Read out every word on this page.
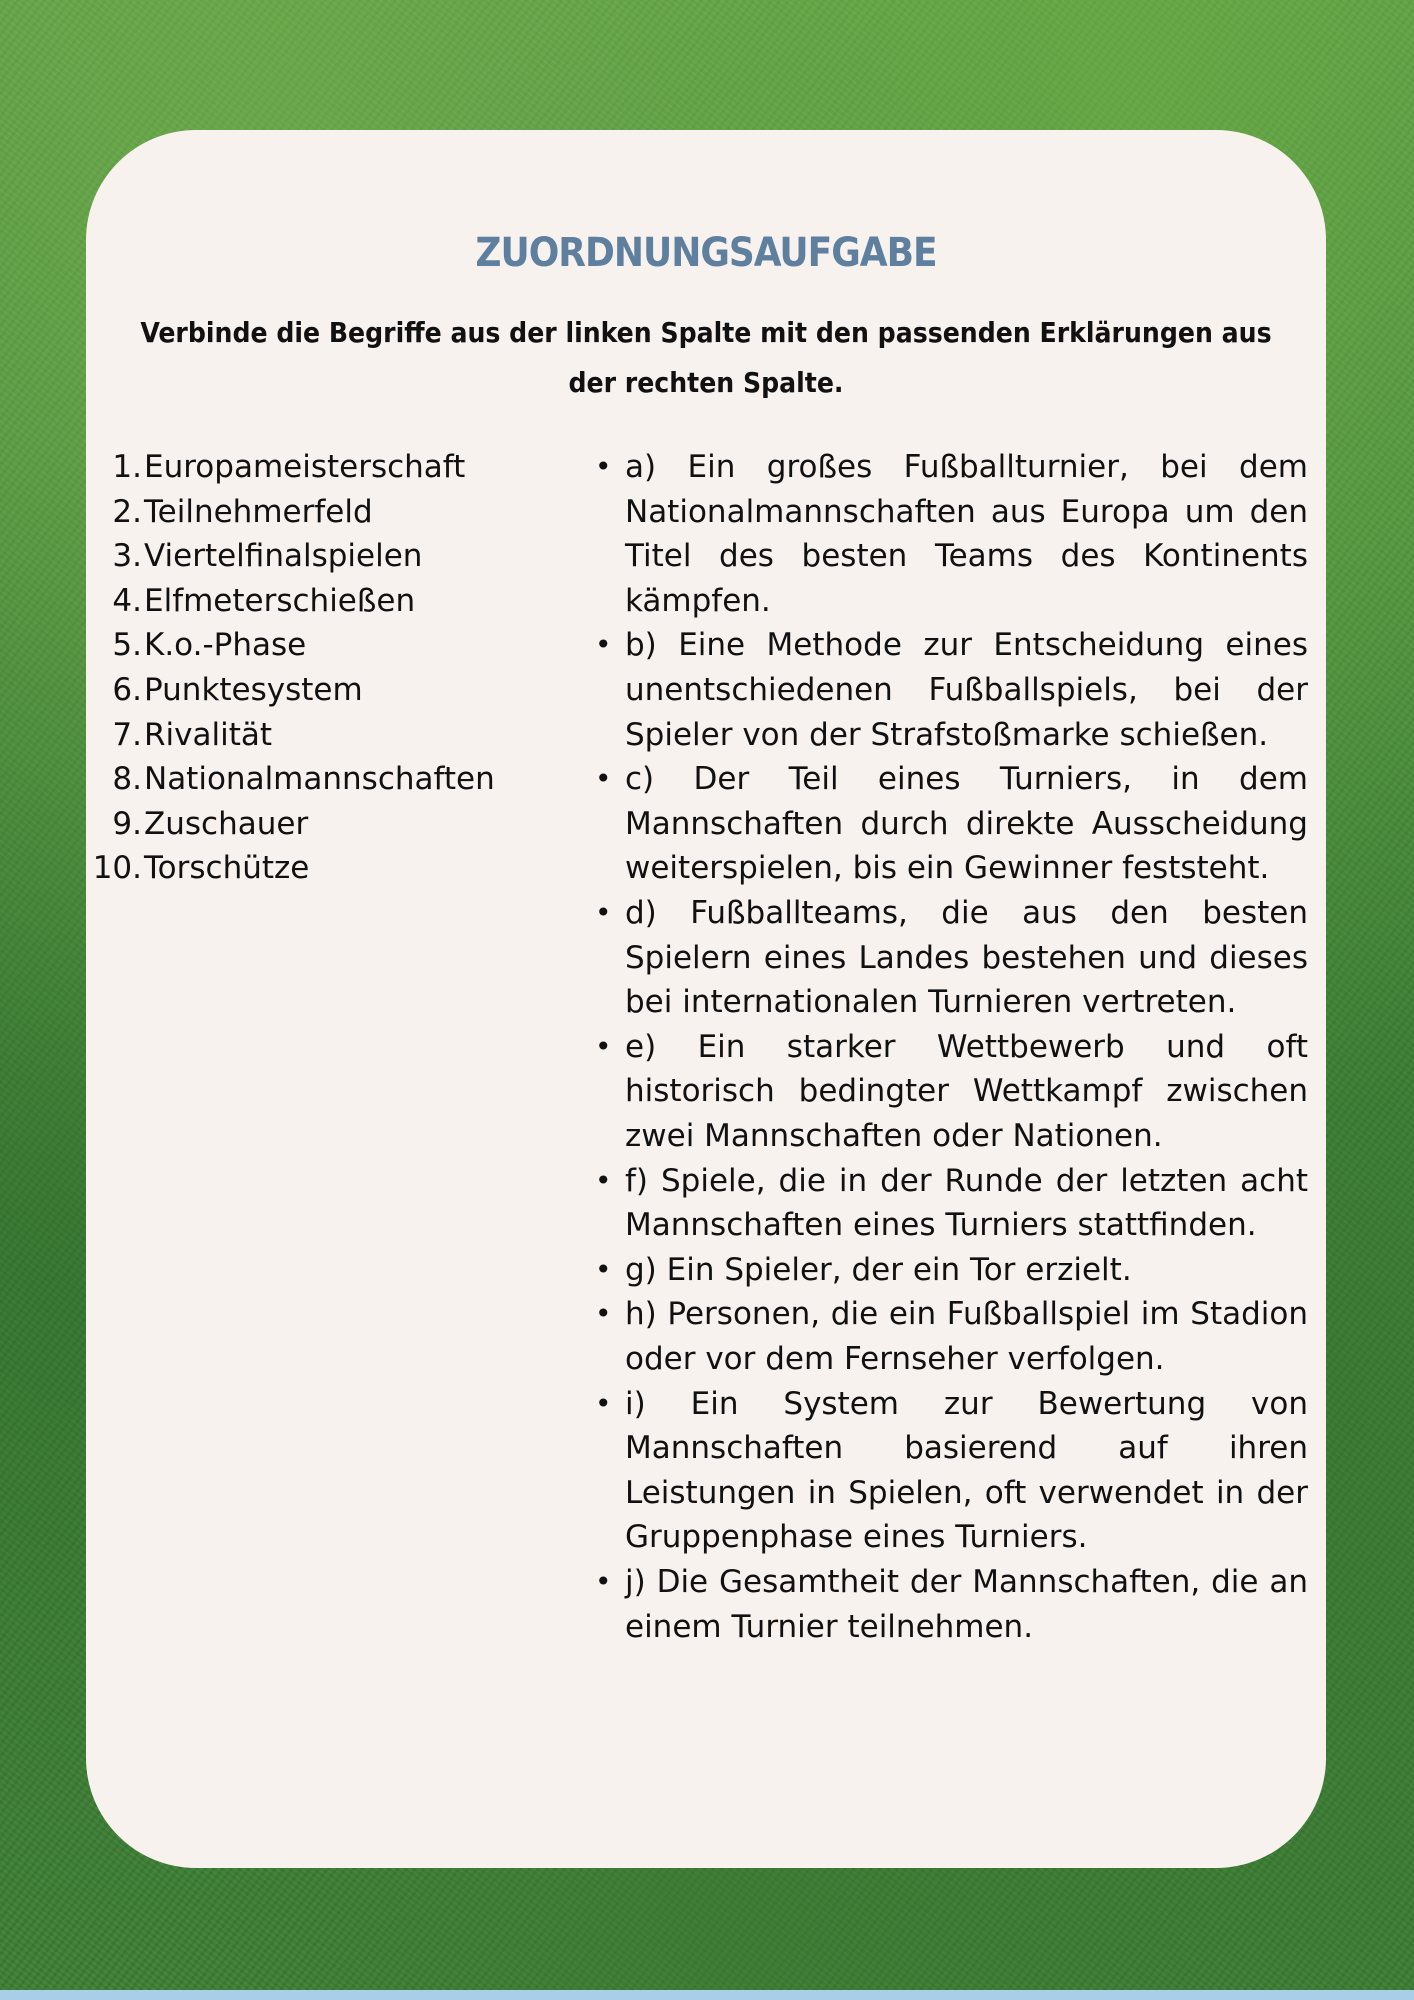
ZUORDNUNGSAUFGABE
Verbinde die Begriffe aus der linken Spalte mit den passenden Erklärungen aus der rechten Spalte.
1. Europameisterschaft
2. Teilnehmerfeld
3. Viertelfinalspielen
4. Elfmeterschießen
5. K.o.-Phase
6. Punktesystem
7. Rivalität
8. Nationalmannschaften
9. Zuschauer
10. Torschütze
• a) Ein großes Fußballturnier, bei dem Nationalmannschaften aus Europa um den Titel des besten Teams des Kontinents kämpfen.
• b) Eine Methode zur Entscheidung eines unentschiedenen Fußballspiels, bei der Spieler von der Strafstoßmarke schießen.
• c) Der Teil eines Turniers, in dem Mannschaften durch direkte Ausscheidung weiterspielen, bis ein Gewinner feststeht.
• d) Fußballteams, die aus den besten Spielern eines Landes bestehen und dieses bei internationalen Turnieren vertreten.
• e) Ein starker Wettbewerb und oft historisch bedingter Wettkampf zwischen zwei Mannschaften oder Nationen.
• f) Spiele, die in der Runde der letzten acht Mannschaften eines Turniers stattfinden.
• g) Ein Spieler, der ein Tor erzielt.
• h) Personen, die ein Fußballspiel im Stadion oder vor dem Fernseher verfolgen.
• i) Ein System zur Bewertung von Mannschaften basierend auf ihren Leistungen in Spielen, oft verwendet in der Gruppenphase eines Turniers.
• j) Die Gesamtheit der Mannschaften, die an einem Turnier teilnehmen.
